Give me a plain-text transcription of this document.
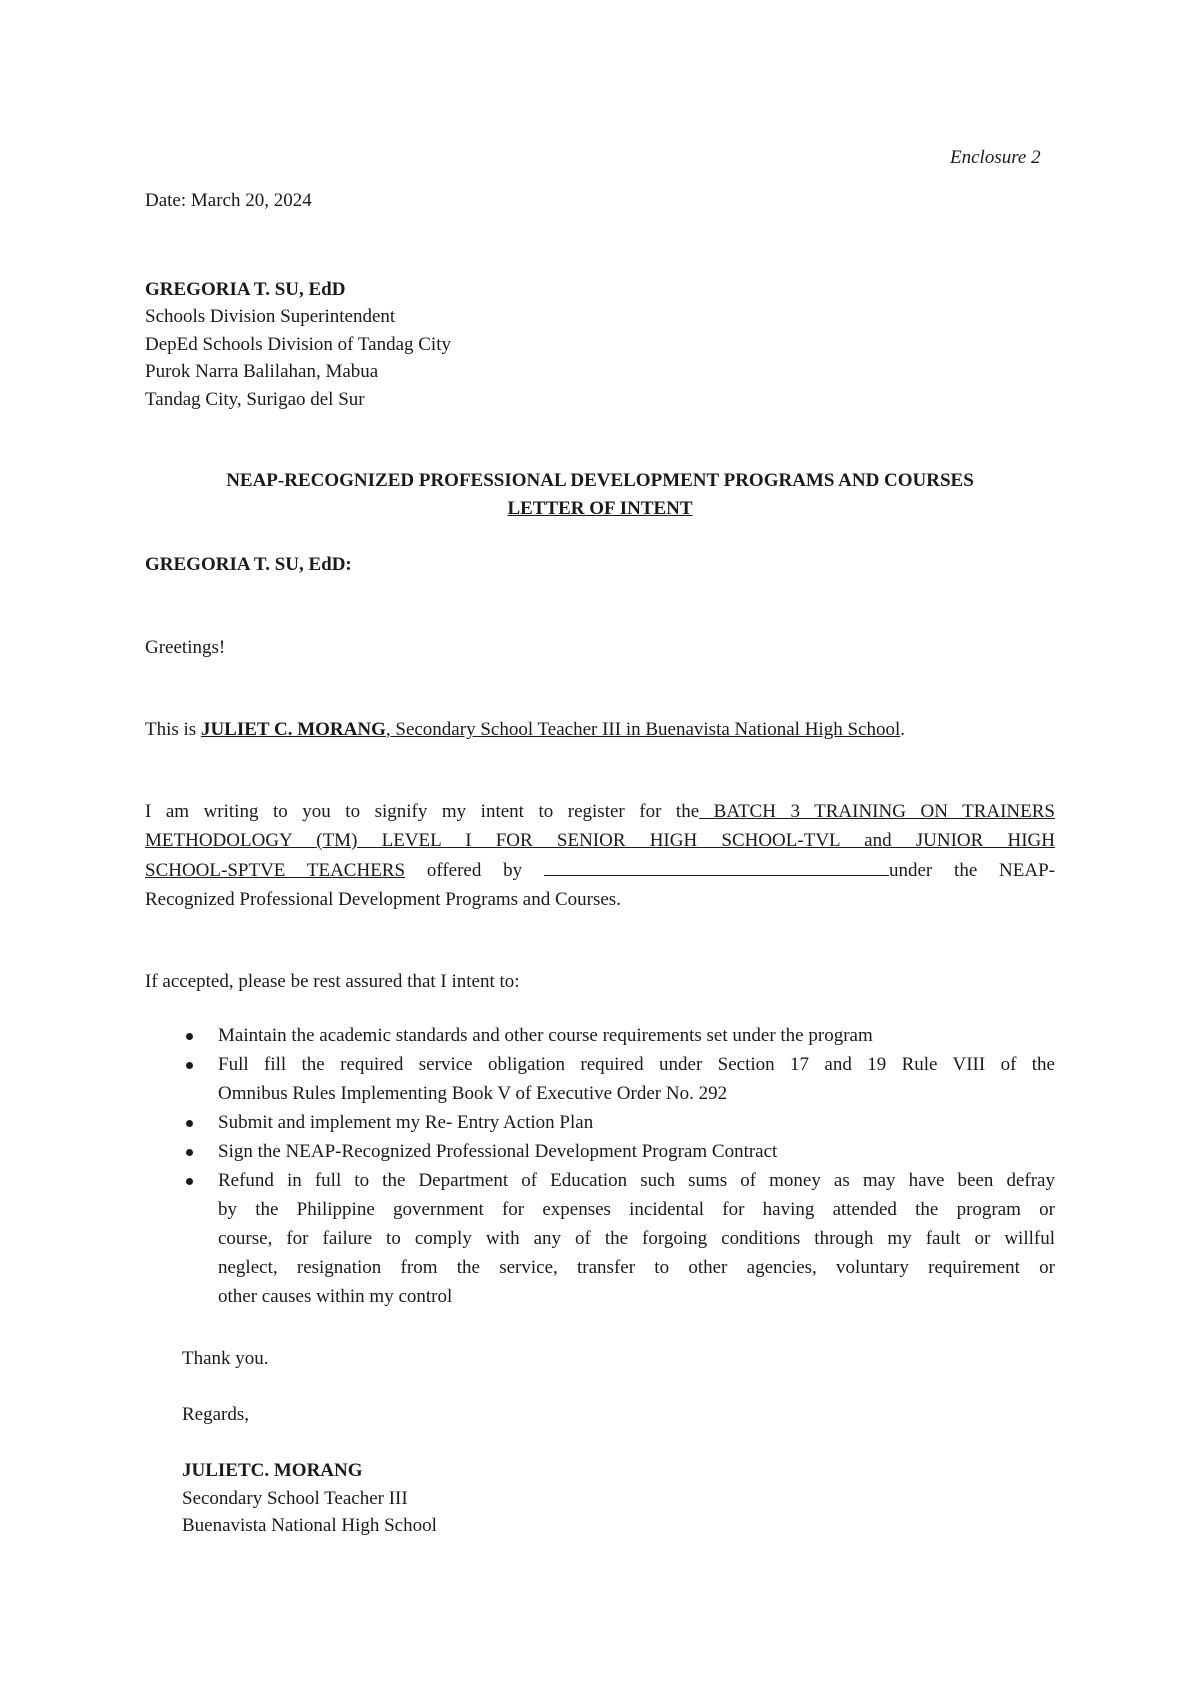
Enclosure 2
Date: March 20, 2024
GREGORIA T. SU, EdD
Schools Division Superintendent
DepEd Schools Division of Tandag City
Purok Narra Balilahan, Mabua
Tandag City, Surigao del Sur
NEAP-RECOGNIZED PROFESSIONAL DEVELOPMENT PROGRAMS AND COURSES
LETTER OF INTENT
GREGORIA T. SU, EdD:
Greetings!
This is JULIET C. MORANG, Secondary School Teacher III in Buenavista National High School.
I am writing to you to signify my intent to register for the BATCH 3 TRAINING ON TRAINERS
METHODOLOGY (TM) LEVEL I FOR SENIOR HIGH SCHOOL-TVL and JUNIOR HIGH
SCHOOL-SPTVE TEACHERS offered by	under the NEAP-
Recognized Professional Development Programs and Courses.
If accepted, please be rest assured that I intent to:
Maintain the academic standards and other course requirements set under the program
Full fill the required service obligation required under Section 17 and 19 Rule VIII of the
Omnibus Rules Implementing Book V of Executive Order No. 292
Submit and implement my Re- Entry Action Plan
Sign the NEAP-Recognized Professional Development Program Contract
Refund in full to the Department of Education such sums of money as may have been defray
by the Philippine government for expenses incidental for having attended the program or
course, for failure to comply with any of the forgoing conditions through my fault or willful
neglect, resignation from the service, transfer to other agencies, voluntary requirement or
other causes within my control
Thank you.
Regards,
JULIETC. MORANG
Secondary School Teacher III
Buenavista National High School
